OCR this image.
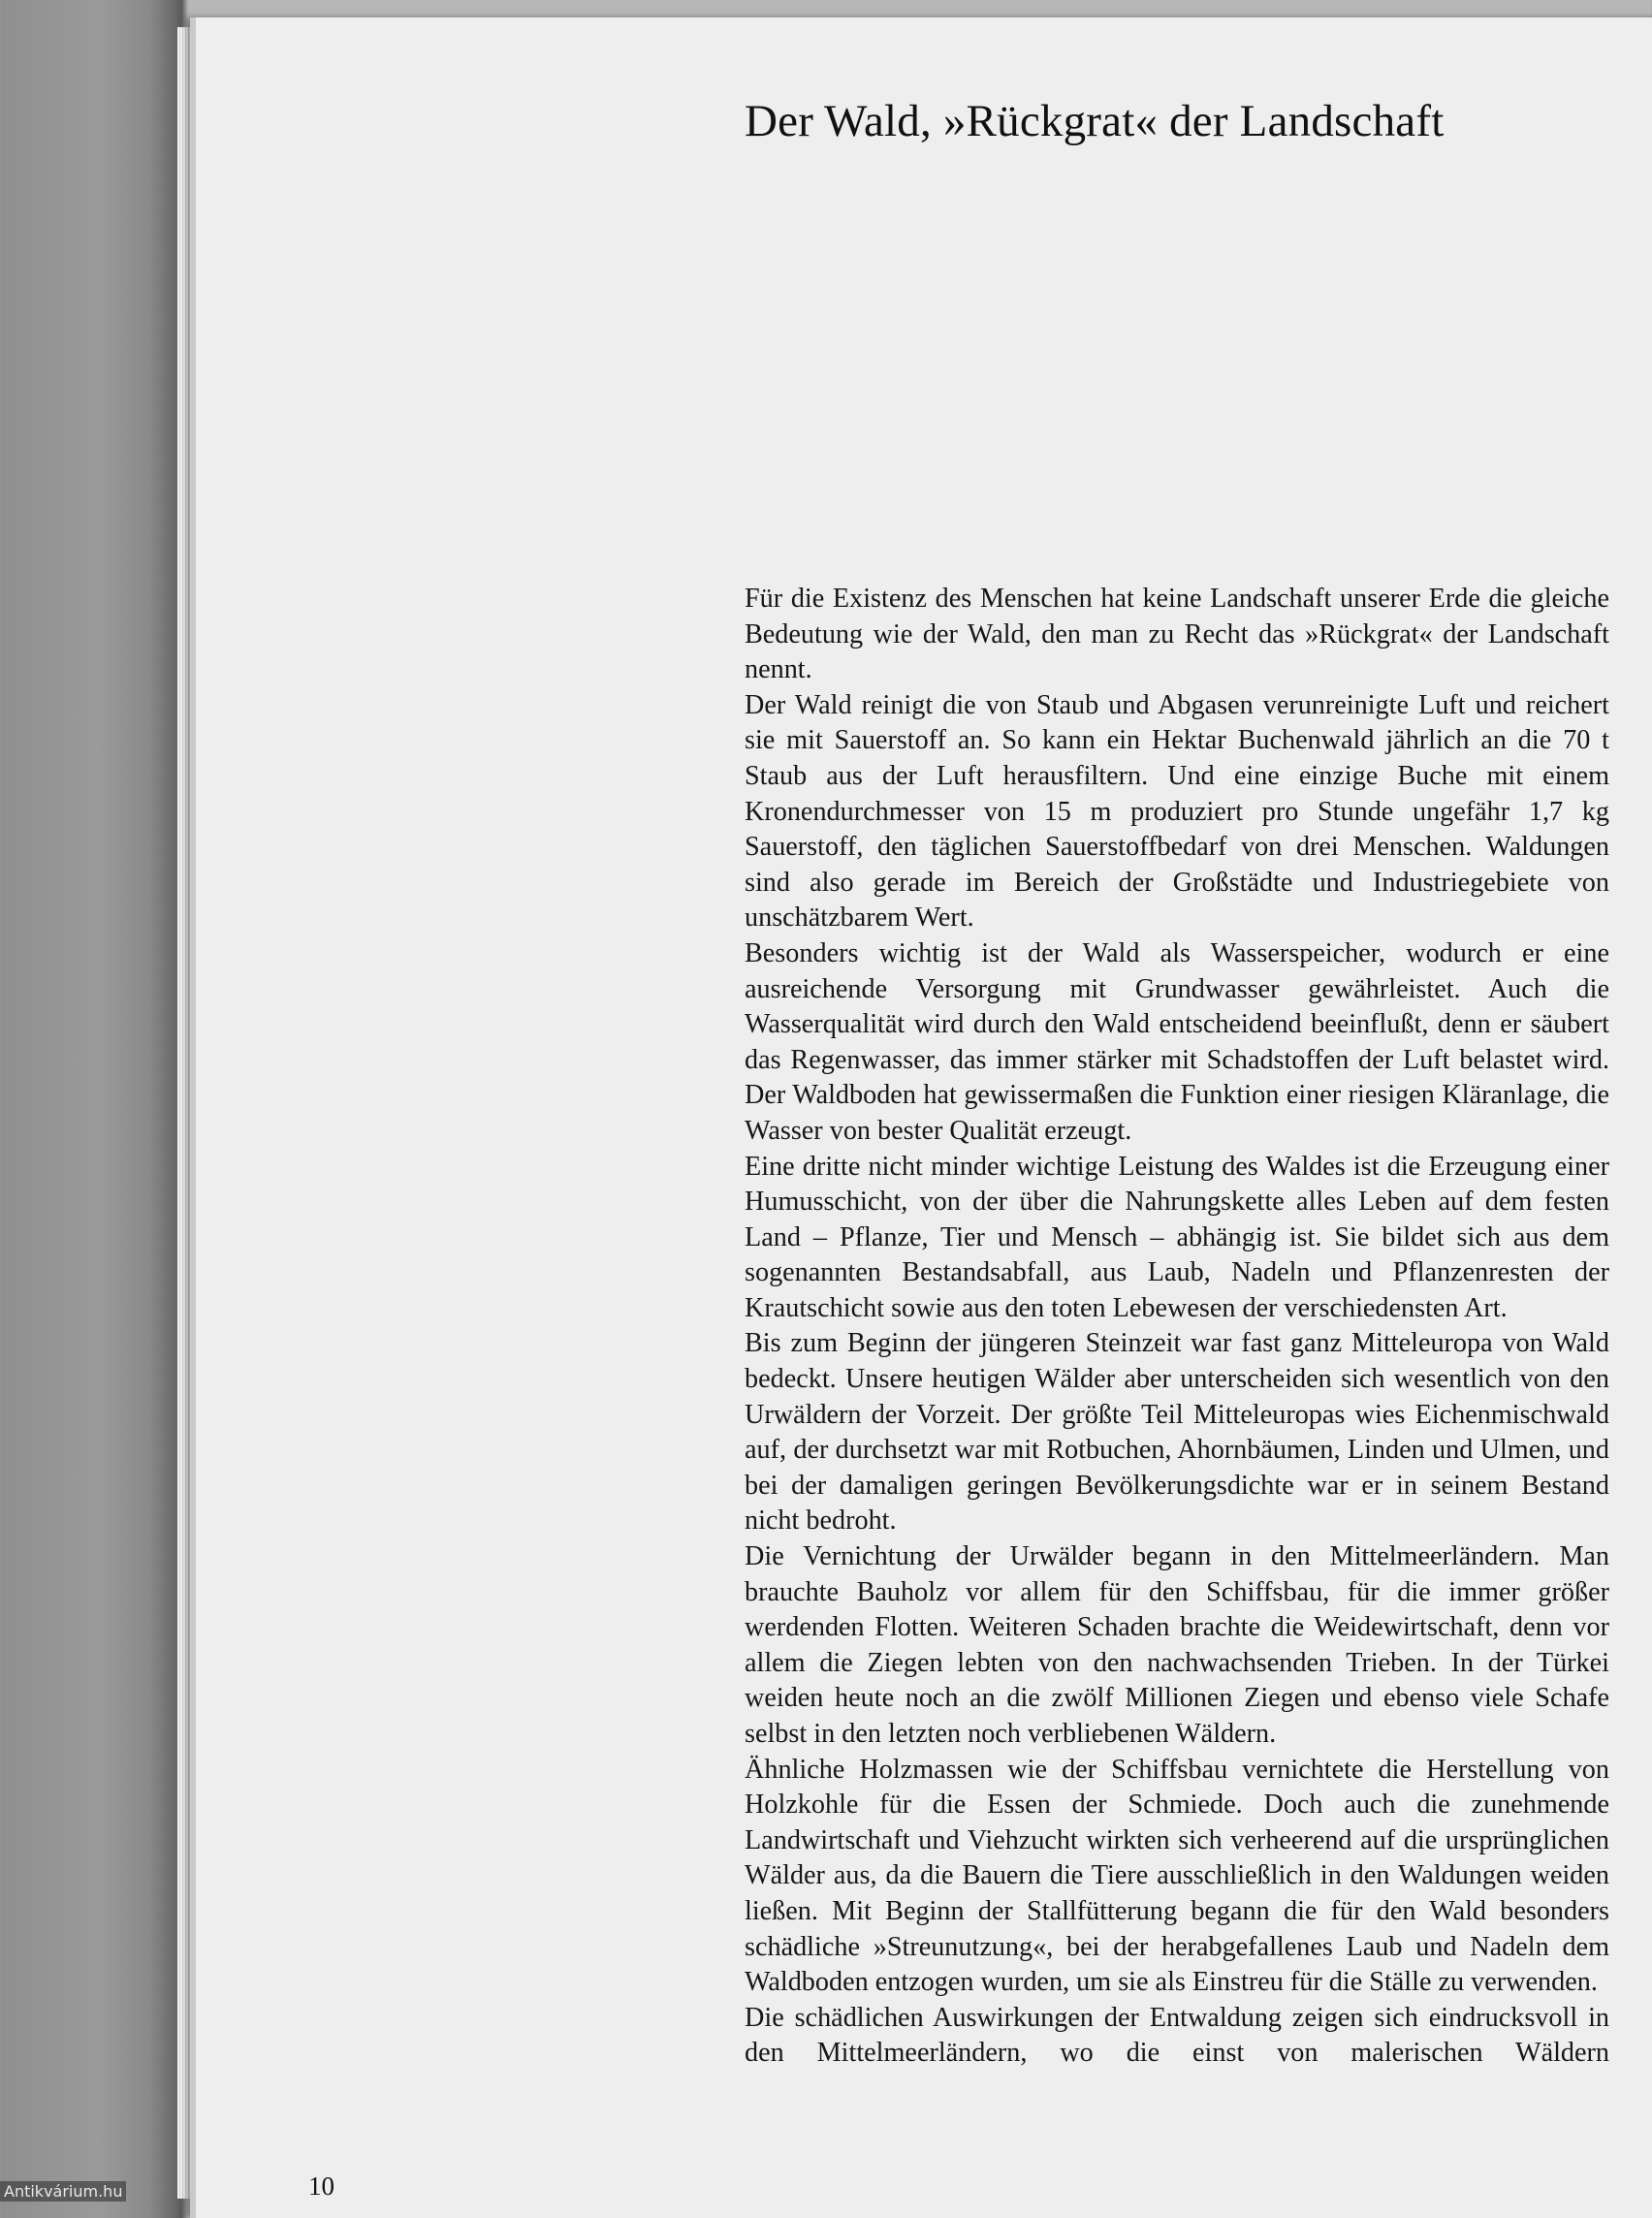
Der Wald, »Rückgrat« der Landschaft

Für die Existenz des Menschen hat keine Landschaft unserer Erde die gleiche Bedeutung wie der Wald, den man zu Recht das »Rückgrat« der Landschaft nennt.

Der Wald reinigt die von Staub und Abgasen verunreinigte Luft und reichert sie mit Sauerstoff an. So kann ein Hektar Buchenwald jährlich an die 70 t Staub aus der Luft herausfiltern. Und eine einzige Buche mit einem Kronendurchmesser von 15 m produziert pro Stunde ungefähr 1,7 kg Sauerstoff, den täglichen Sauerstoffbedarf von drei Menschen. Waldungen sind also gerade im Bereich der Großstädte und Industriegebiete von unschätzbarem Wert.

Besonders wichtig ist der Wald als Wasserspeicher, wodurch er eine ausreichende Versorgung mit Grundwasser gewährleistet. Auch die Wasserqualität wird durch den Wald entscheidend beeinflußt, denn er säubert das Regenwasser, das immer stärker mit Schadstoffen der Luft belastet wird. Der Waldboden hat gewissermaßen die Funktion einer riesigen Kläranlage, die Wasser von bester Qualität erzeugt.

Eine dritte nicht minder wichtige Leistung des Waldes ist die Erzeugung einer Humusschicht, von der über die Nahrungskette alles Leben auf dem festen Land – Pflanze, Tier und Mensch – abhängig ist. Sie bildet sich aus dem sogenannten Bestandsabfall, aus Laub, Nadeln und Pflanzenresten der Krautschicht sowie aus den toten Lebewesen der verschiedensten Art.

Bis zum Beginn der jüngeren Steinzeit war fast ganz Mitteleuropa von Wald bedeckt. Unsere heutigen Wälder aber unterscheiden sich wesentlich von den Urwäldern der Vorzeit. Der größte Teil Mitteleuropas wies Eichenmischwald auf, der durchsetzt war mit Rotbuchen, Ahornbäumen, Linden und Ulmen, und bei der damaligen geringen Bevölkerungsdichte war er in seinem Bestand nicht bedroht.

Die Vernichtung der Urwälder begann in den Mittelmeerländern. Man brauchte Bauholz vor allem für den Schiffsbau, für die immer größer werdenden Flotten. Weiteren Schaden brachte die Weidewirtschaft, denn vor allem die Ziegen lebten von den nachwachsenden Trieben. In der Türkei weiden heute noch an die zwölf Millionen Ziegen und ebenso viele Schafe selbst in den letzten noch verbliebenen Wäldern.

Ähnliche Holzmassen wie der Schiffsbau vernichtete die Herstellung von Holzkohle für die Essen der Schmiede. Doch auch die zunehmende Landwirtschaft und Viehzucht wirkten sich verheerend auf die ursprünglichen Wälder aus, da die Bauern die Tiere ausschließlich in den Waldungen weiden ließen. Mit Beginn der Stallfütterung begann die für den Wald besonders schädliche »Streunutzung«, bei der herabgefallenes Laub und Nadeln dem Waldboden entzogen wurden, um sie als Einstreu für die Ställe zu verwenden.

Die schädlichen Auswirkungen der Entwaldung zeigen sich eindrucksvoll in den Mittelmeerländern, wo die einst von malerischen Wäldern

10
Antikvárium.hu
